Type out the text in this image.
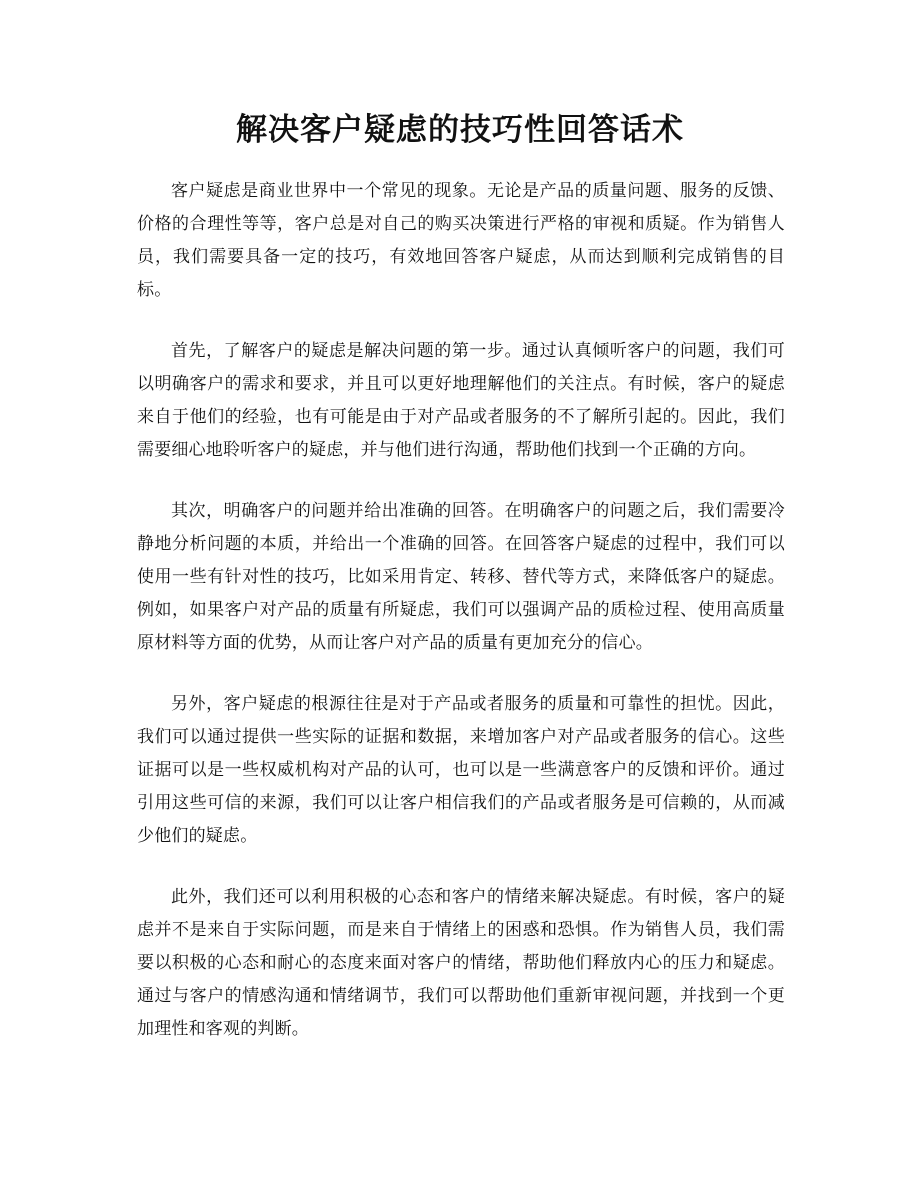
解决客户疑虑的技巧性回答话术

客户疑虑是商业世界中一个常见的现象。无论是产品的质量问题、服务的反馈、价格的合理性等等，客户总是对自己的购买决策进行严格的审视和质疑。作为销售人员，我们需要具备一定的技巧，有效地回答客户疑虑，从而达到顺利完成销售的目标。

首先，了解客户的疑虑是解决问题的第一步。通过认真倾听客户的问题，我们可以明确客户的需求和要求，并且可以更好地理解他们的关注点。有时候，客户的疑虑来自于他们的经验，也有可能是由于对产品或者服务的不了解所引起的。因此，我们需要细心地聆听客户的疑虑，并与他们进行沟通，帮助他们找到一个正确的方向。

其次，明确客户的问题并给出准确的回答。在明确客户的问题之后，我们需要冷静地分析问题的本质，并给出一个准确的回答。在回答客户疑虑的过程中，我们可以使用一些有针对性的技巧，比如采用肯定、转移、替代等方式，来降低客户的疑虑。例如，如果客户对产品的质量有所疑虑，我们可以强调产品的质检过程、使用高质量原材料等方面的优势，从而让客户对产品的质量有更加充分的信心。

另外，客户疑虑的根源往往是对于产品或者服务的质量和可靠性的担忧。因此，我们可以通过提供一些实际的证据和数据，来增加客户对产品或者服务的信心。这些证据可以是一些权威机构对产品的认可，也可以是一些满意客户的反馈和评价。通过引用这些可信的来源，我们可以让客户相信我们的产品或者服务是可信赖的，从而减少他们的疑虑。

此外，我们还可以利用积极的心态和客户的情绪来解决疑虑。有时候，客户的疑虑并不是来自于实际问题，而是来自于情绪上的困惑和恐惧。作为销售人员，我们需要以积极的心态和耐心的态度来面对客户的情绪，帮助他们释放内心的压力和疑虑。通过与客户的情感沟通和情绪调节，我们可以帮助他们重新审视问题，并找到一个更加理性和客观的判断。
